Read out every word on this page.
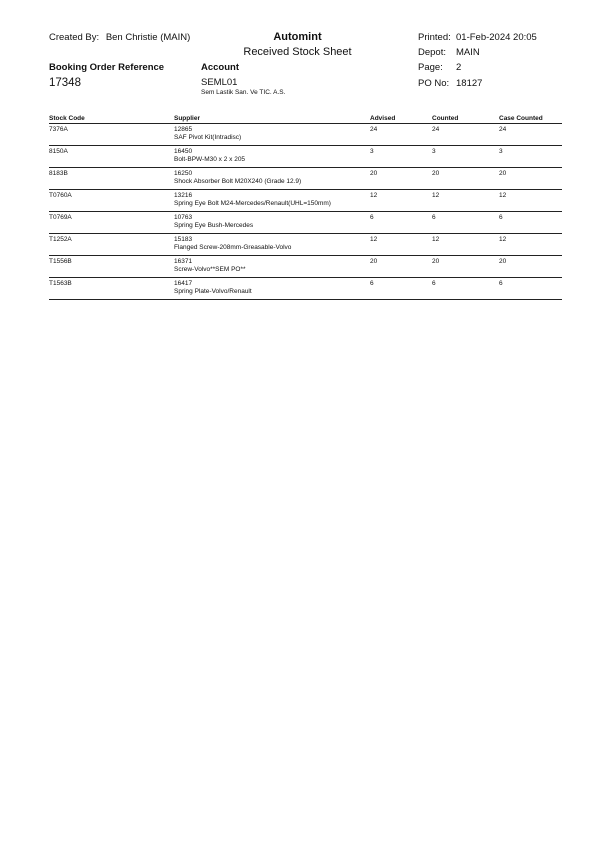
Created By: Ben Christie (MAIN)	Automint
Received Stock Sheet
Printed: 01-Feb-2024 20:05
Depot: MAIN
Page: 2
PO No: 18127
Booking Order Reference
17348
Account
SEML01
Sem Lastik San. Ve TIC. A.S.
Stock Code	Supplier	Advised	Counted	Case Counted
7376A	12865
SAF Pivot Kit(Intradisc)	24	24	24
8150A	16450
Bolt-BPW-M30 x 2 x 205	3	3	3
8183B	16250
Shock Absorber Bolt M20X240 (Grade 12.9)	20	20	20
T0760A	13216
Spring Eye Bolt M24-Mercedes/Renault(UHL=150mm)	12	12	12
T0769A	10763
Spring Eye Bush-Mercedes	6	6	6
T1252A	15183
Flanged Screw-208mm-Greasable-Volvo	12	12	12
T1556B	16371
Screw-Volvo**SEM PO**	20	20	20
T1563B	16417
Spring Plate-Volvo/Renault	6	6	6
